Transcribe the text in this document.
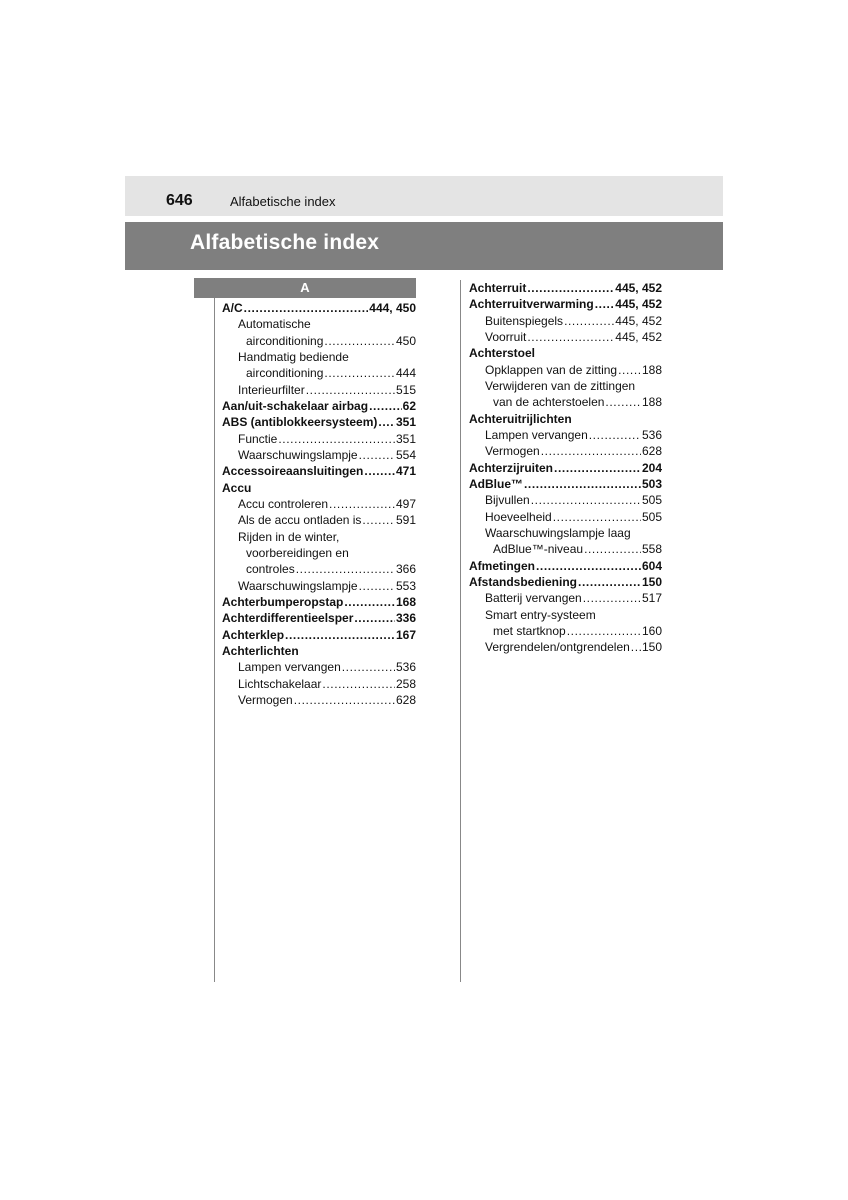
646	Alfabetische index
Alfabetische index
A
A/C .....	444, 450
Automatische
airconditioning .....	450
Handmatig bediende
airconditioning .....	444
Interieurfilter .....	515
Aan/uit-schakelaar airbag .....	62
ABS (antiblokkeersysteem) ..... 351
Functie .....	351
Waarschuwingslampje .....	554
Accessoireaansluitingen .....	471
Accu
Accu controleren .....	497
Als de accu ontladen is .....	591
Rijden in de winter,
voorbereidingen en
controles .....	366
Waarschuwingslampje .....	553
Achterbumperopstap .....	168
Achterdifferentieelsper .....	336
Achterklep .....	167
Achterlichten
Lampen vervangen .....	536
Lichtschakelaar .....	258
Vermogen .....	628
Achterruit .....	445, 452
Achterruitverwarming ..... 445, 452
Buitenspiegels .....	445, 452
Voorruit .....	445, 452
Achterstoel
Opklappen van de zitting ..... 188
Verwijderen van de zittingen
van de achterstoelen .....	188
Achteruitrijlichten
Lampen vervangen .....	536
Vermogen .....	628
Achterzijruiten .....	204
AdBlue™ .....	503
Bijvullen .....	505
Hoeveelheid .....	505
Waarschuwingslampje laag
AdBlue™-niveau .....	558
Afmetingen .....	604
Afstandsbediening .....	150
Batterij vervangen .....	517
Smart entry-systeem
met startknop .....	160
Vergrendelen/ontgrendelen ..... 150
